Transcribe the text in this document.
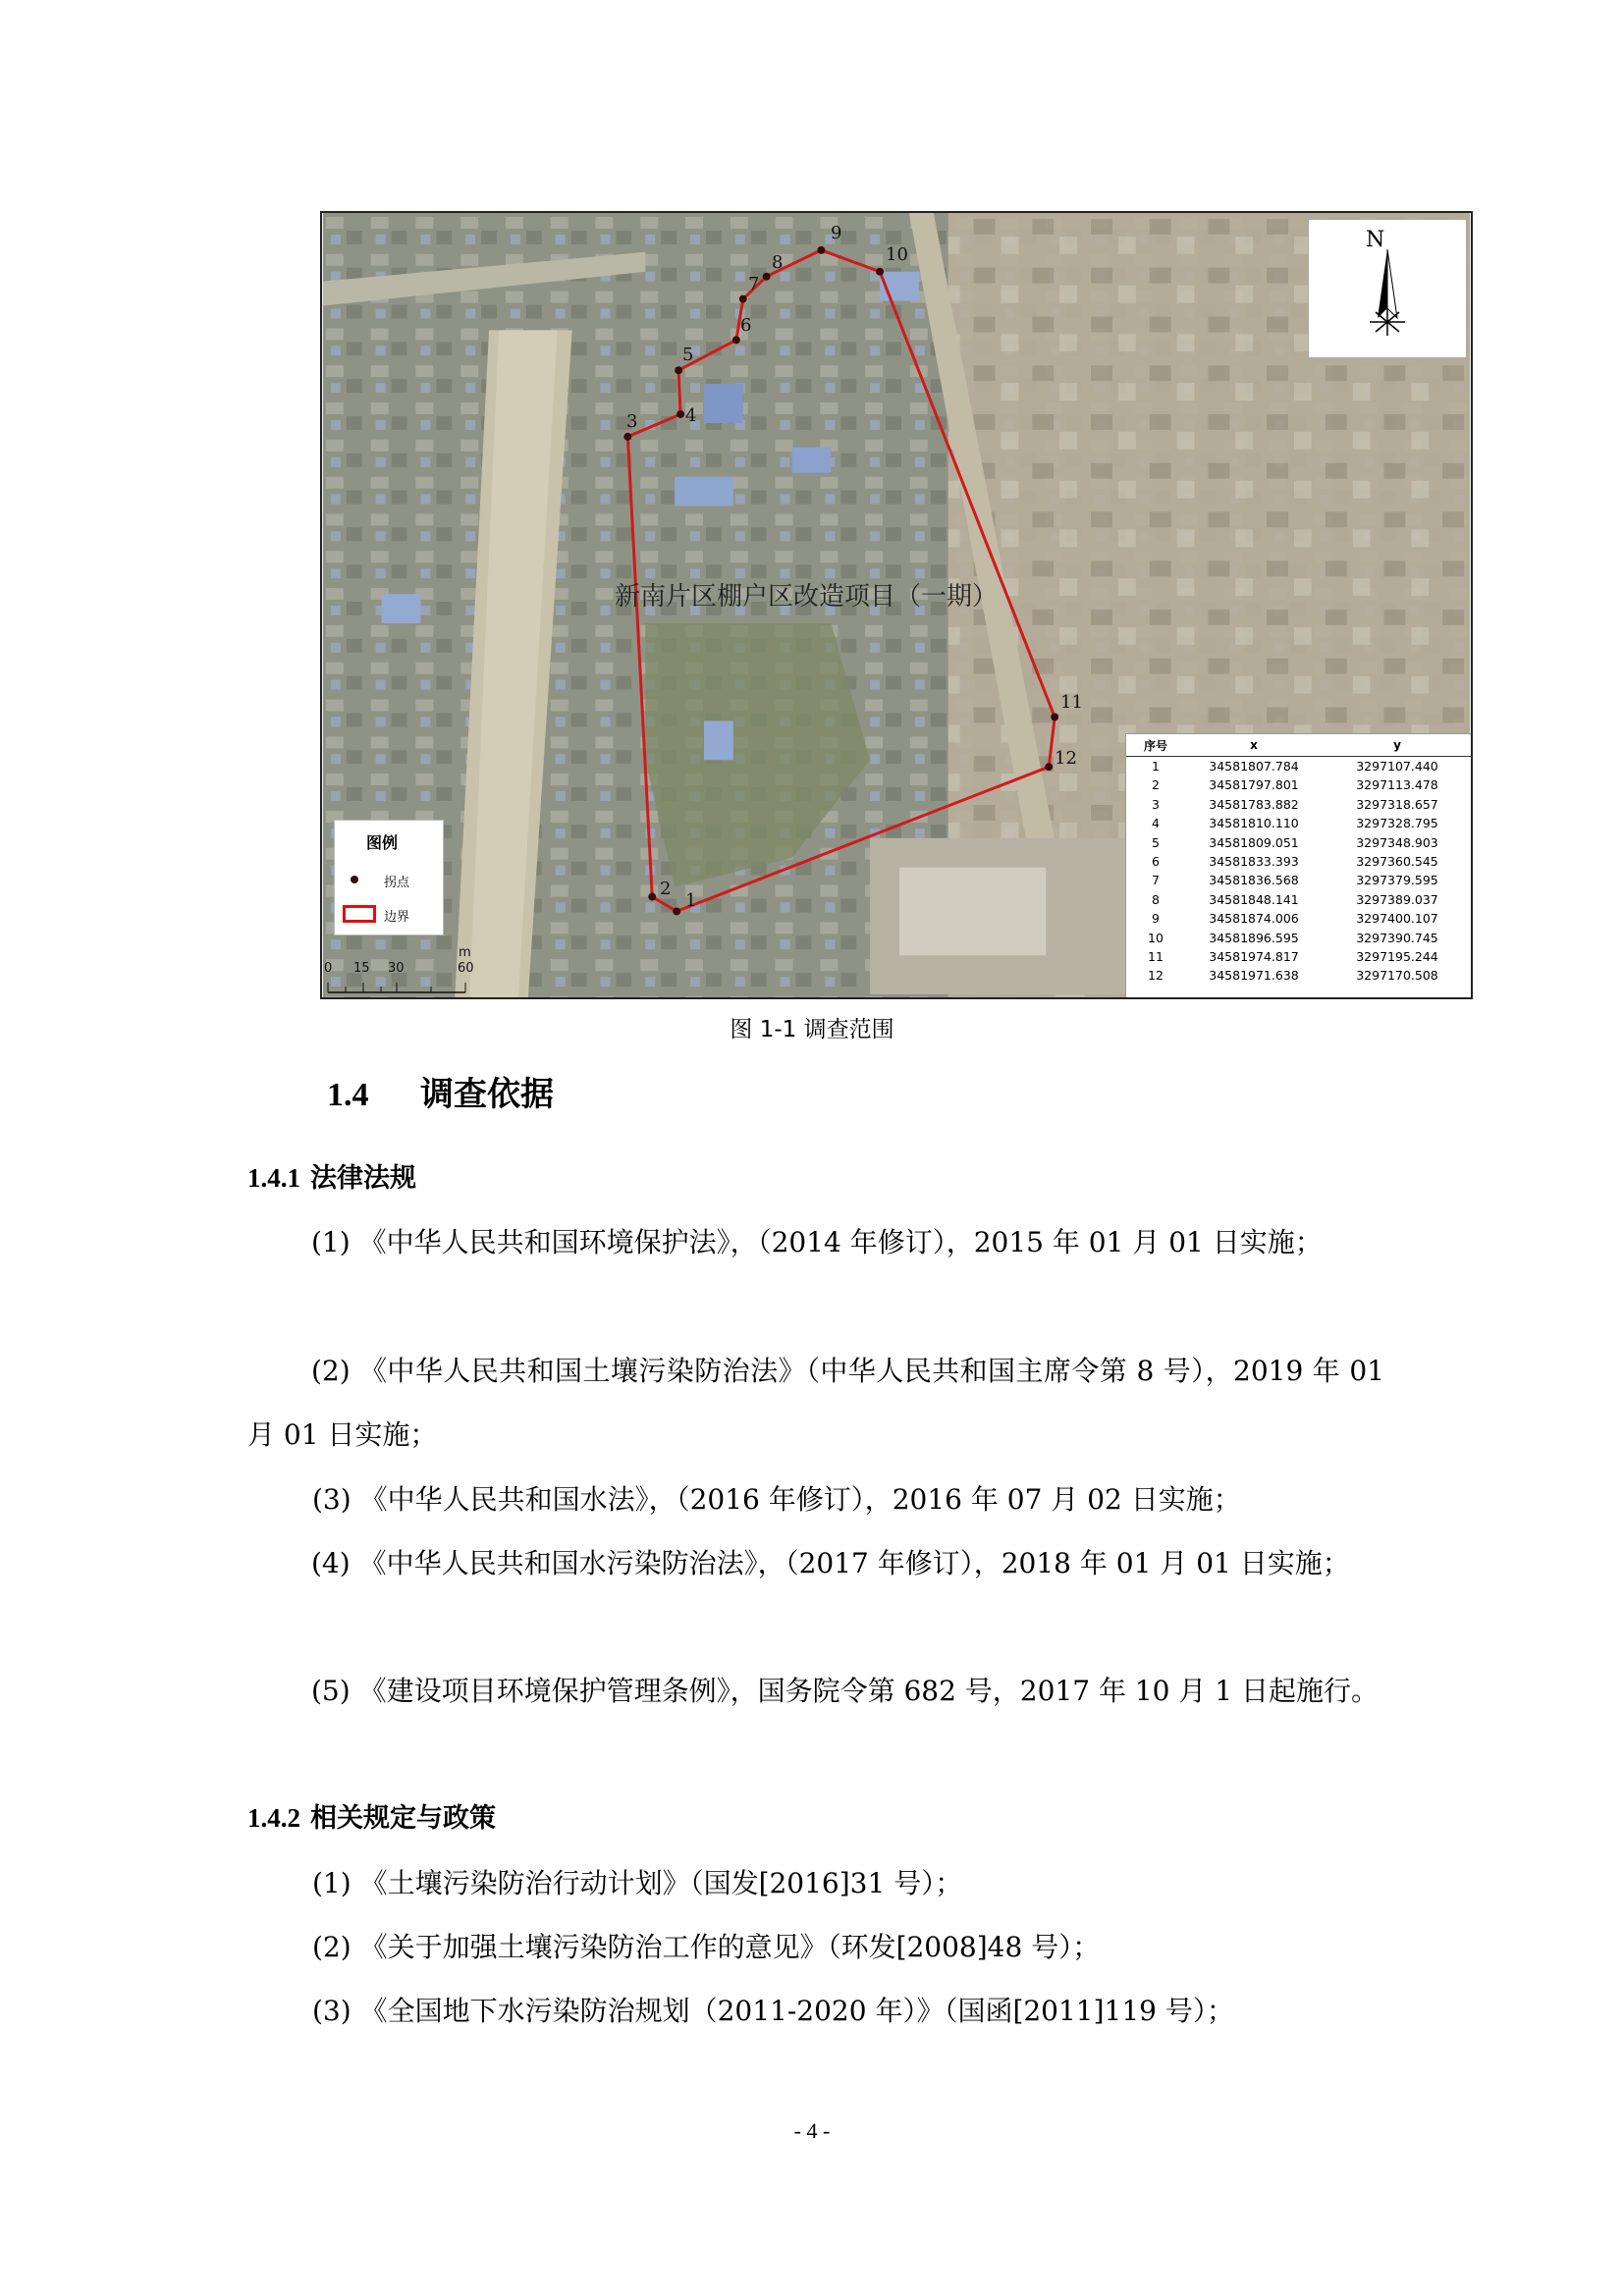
1
2
3	4
5
6
7
8
9
10
11
12
新南片区棚户区改造项目（一期）
N
图例
拐点
边界
m
0 15 30	60
序号	x	y
1	34581807.784	3297107.440
2	34581797.801	3297113.478
3	34581783.882	3297318.657
4	34581810.110	3297328.795
5	34581809.051	3297348.903
6	34581833.393	3297360.545
7	34581836.568	3297379.595
8	34581848.141	3297389.037
9	34581874.006	3297400.107
10	34581896.595	3297390.745
11	34581974.817	3297195.244
12	34581971.638	3297170.508
图 1-1 调查范围
1.4 调查依据
1.4.1 法律法规
(1) 《中华人民共和国环境保护法》，（2014 年修订），2015 年 01 月 01 日实施；
(2) 《中华人民共和国土壤污染防治法》（中华人民共和国主席令第 8 号），2019 年 01 月 01 日实施；
(3) 《中华人民共和国水法》，（2016 年修订），2016 年 07 月 02 日实施；
(4) 《中华人民共和国水污染防治法》，（2017 年修订），2018 年 01 月 01 日实施；
(5) 《建设项目环境保护管理条例》，国务院令第 682 号，2017 年 10 月 1 日起施行。
1.4.2 相关规定与政策
(1) 《土壤污染防治行动计划》（国发[2016]31 号）；
(2) 《关于加强土壤污染防治工作的意见》（环发[2008]48 号）；
(3) 《全国地下水污染防治规划（2011-2020 年）》（国函[2011]119 号）；
- 4 -
